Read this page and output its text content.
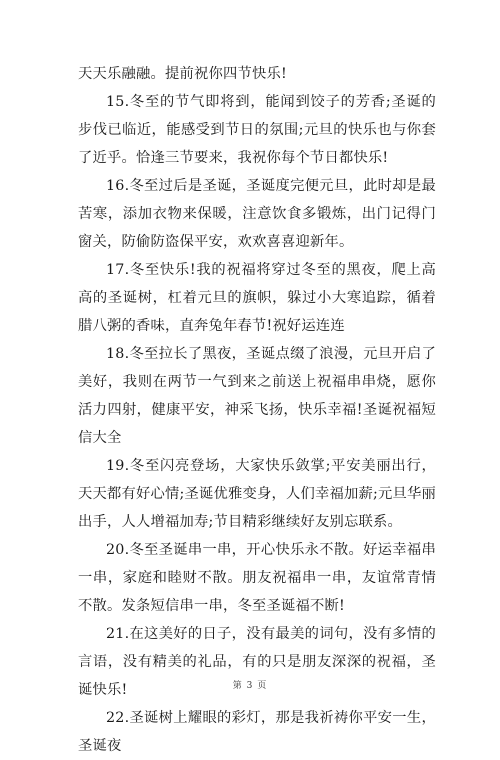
天天乐融融。提前祝你四节快乐!

15.冬至的节气即将到，能闻到饺子的芳香;圣诞的步伐已临近，能感受到节日的氛围;元旦的快乐也与你套了近乎。恰逢三节要来，我祝你每个节日都快乐!

16.冬至过后是圣诞，圣诞度完便元旦，此时却是最苦寒，添加衣物来保暖，注意饮食多锻炼，出门记得门窗关，防偷防盗保平安，欢欢喜喜迎新年。

17.冬至快乐!我的祝福将穿过冬至的黑夜，爬上高高的圣诞树，杠着元旦的旗帜，躲过小大寒追踪，循着腊八粥的香味，直奔兔年春节!祝好运连连

18.冬至拉长了黑夜，圣诞点缀了浪漫，元旦开启了美好，我则在两节一气到来之前送上祝福串串烧，愿你活力四射，健康平安，神采飞扬，快乐幸福!圣诞祝福短信大全

19.冬至闪亮登场，大家快乐敛掌;平安美丽出行，天天都有好心情;圣诞优雅变身，人们幸福加薪;元旦华丽出手，人人增福加寿;节目精彩继续好友别忘联系。

20.冬至圣诞串一串，开心快乐永不散。好运幸福串一串，家庭和睦财不散。朋友祝福串一串，友谊常青情不散。发条短信串一串，冬至圣诞福不断!

21.在这美好的日子，没有最美的词句，没有多情的言语，没有精美的礼品，有的只是朋友深深的祝福，圣诞快乐!

22.圣诞树上耀眼的彩灯，那是我祈祷你平安一生，圣诞夜

第 3 页
